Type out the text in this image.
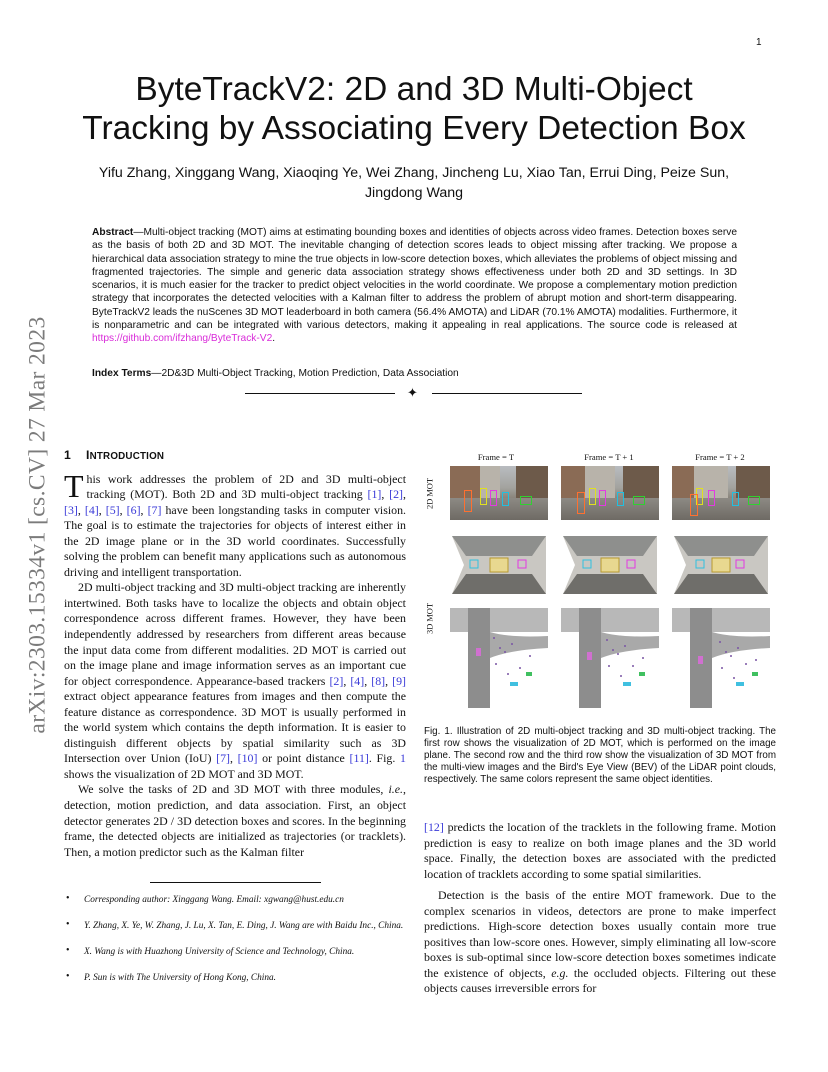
1
arXiv:2303.15334v1 [cs.CV] 27 Mar 2023
ByteTrackV2: 2D and 3D Multi-Object Tracking by Associating Every Detection Box
Yifu Zhang, Xinggang Wang, Xiaoqing Ye, Wei Zhang, Jincheng Lu, Xiao Tan, Errui Ding, Peize Sun, Jingdong Wang
Abstract—Multi-object tracking (MOT) aims at estimating bounding boxes and identities of objects across video frames. Detection boxes serve as the basis of both 2D and 3D MOT. The inevitable changing of detection scores leads to object missing after tracking. We propose a hierarchical data association strategy to mine the true objects in low-score detection boxes, which alleviates the problems of object missing and fragmented trajectories. The simple and generic data association strategy shows effectiveness under both 2D and 3D settings. In 3D scenarios, it is much easier for the tracker to predict object velocities in the world coordinate. We propose a complementary motion prediction strategy that incorporates the detected velocities with a Kalman filter to address the problem of abrupt motion and short-term disappearing. ByteTrackV2 leads the nuScenes 3D MOT leaderboard in both camera (56.4% AMOTA) and LiDAR (70.1% AMOTA) modalities. Furthermore, it is nonparametric and can be integrated with various detectors, making it appealing in real applications. The source code is released at https://github.com/ifzhang/ByteTrack-V2.
Index Terms—2D&3D Multi-Object Tracking, Motion Prediction, Data Association
✦
1 INTRODUCTION

This work addresses the problem of 2D and 3D multi-object tracking (MOT). Both 2D and 3D multi-object tracking [1], [2], [3], [4], [5], [6], [7] have been longstanding tasks in computer vision. The goal is to estimate the trajectories for objects of interest either in the 2D image plane or in the 3D world coordinates. Successfully solving the problem can benefit many applications such as autonomous driving and intelligent transportation.

2D multi-object tracking and 3D multi-object tracking are inherently intertwined. Both tasks have to localize the objects and obtain object correspondence across different frames. However, they have been independently addressed by researchers from different areas because the input data come from different modalities. 2D MOT is carried out on the image plane and image information serves as an important cue for object correspondence. Appearance-based trackers [2], [4], [8], [9] extract object appearance features from images and then compute the feature distance as correspondence. 3D MOT is usually performed in the world system which contains the depth information. It is easier to distinguish different objects by spatial similarity such as 3D Intersection over Union (IoU) [7], [10] or point distance [11]. Fig. 1 shows the visualization of 2D MOT and 3D MOT.

We solve the tasks of 2D and 3D MOT with three modules, i.e., detection, motion prediction, and data association. First, an object detector generates 2D / 3D detection boxes and scores. In the beginning frame, the detected objects are initialized as trajectories (or tracklets). Then, a motion predictor such as the Kalman filter

• Corresponding author: Xinggang Wang. Email: xgwang@hust.edu.cn
• Y. Zhang, X. Ye, W. Zhang, J. Lu, X. Tan, E. Ding, J. Wang are with Baidu Inc., China.
• X. Wang is with Huazhong University of Science and Technology, China.
• P. Sun is with The University of Hong Kong, China.
Frame = T	Frame = T + 1	Frame = T + 2
2D MOT
3D MOT
Fig. 1. Illustration of 2D multi-object tracking and 3D multi-object tracking. The first row shows the visualization of 2D MOT, which is performed on the image plane. The second row and the third row show the visualization of 3D MOT from the multi-view images and the Bird's Eye View (BEV) of the LiDAR point clouds, respectively. The same colors represent the same object identities.

[12] predicts the location of the tracklets in the following frame. Motion prediction is easy to realize on both image planes and the 3D world space. Finally, the detection boxes are associated with the predicted location of tracklets according to some spatial similarities.

Detection is the basis of the entire MOT framework. Due to the complex scenarios in videos, detectors are prone to make imperfect predictions. High-score detection boxes usually contain more true positives than low-score ones. However, simply eliminating all low-score boxes is sub-optimal since low-score detection boxes sometimes indicate the existence of objects, e.g. the occluded objects. Filtering out these objects causes irreversible errors for
